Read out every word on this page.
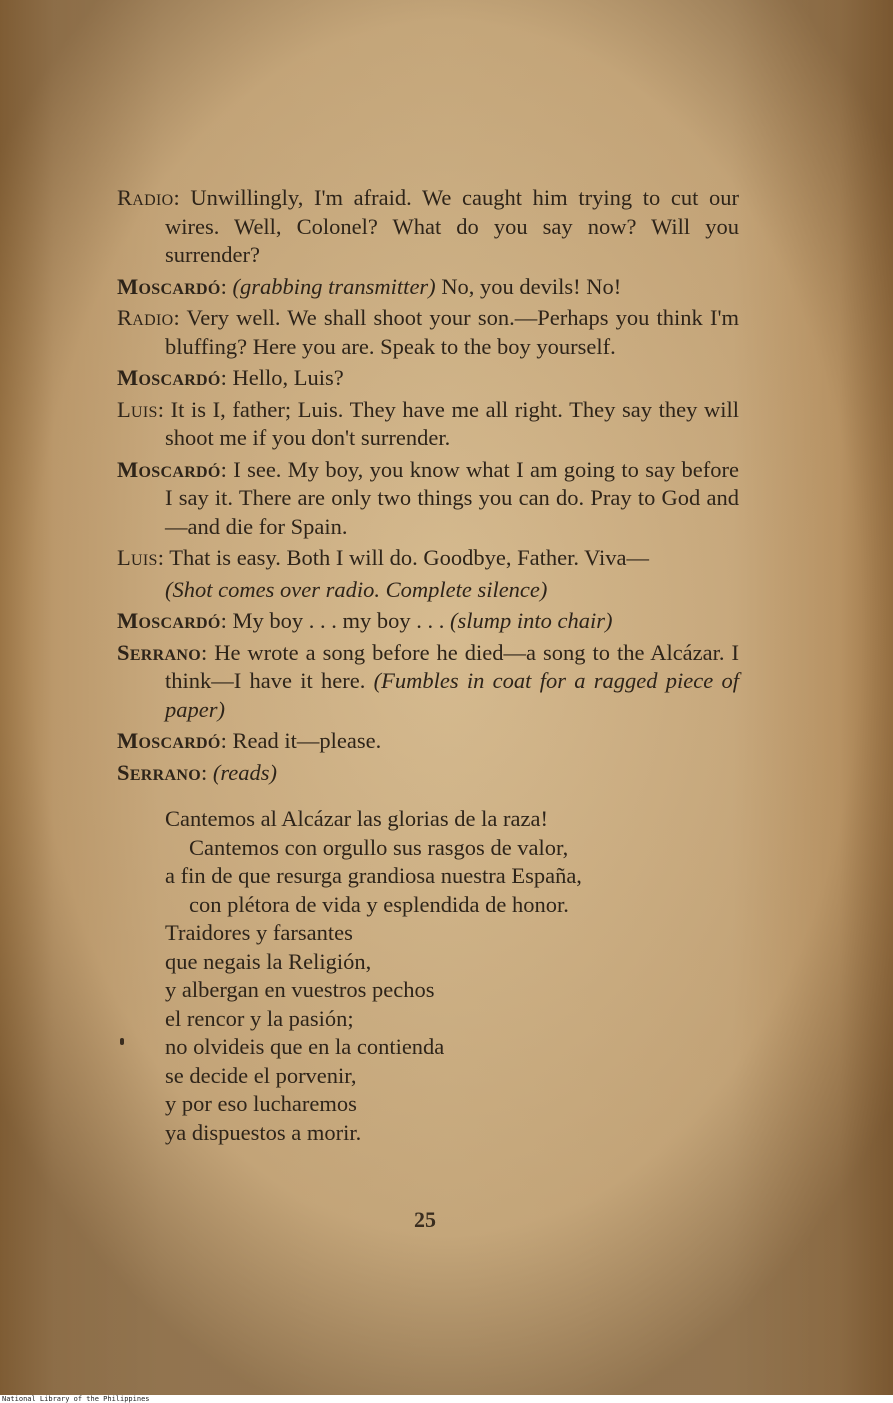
Radio: Unwillingly, I'm afraid. We caught him trying to cut our wires. Well, Colonel? What do you say now? Will you surrender?

Moscardó: (grabbing transmitter) No, you devils! No!

Radio: Very well. We shall shoot your son.—Perhaps you think I'm bluffing? Here you are. Speak to the boy yourself.

Moscardó: Hello, Luis?

Luis: It is I, father; Luis. They have me all right. They say they will shoot me if you don't surrender.

Moscardó: I see. My boy, you know what I am going to say before I say it. There are only two things you can do. Pray to God and—and die for Spain.

Luis: That is easy. Both I will do. Goodbye, Father. Viva—

(Shot comes over radio. Complete silence)

Moscardó: My boy . . . my boy . . . (slump into chair)

Serrano: He wrote a song before he died—a song to the Alcázar. I think—I have it here. (Fumbles in coat for a ragged piece of paper)

Moscardó: Read it—please.

Serrano: (reads)

Cantemos al Alcázar las glorias de la raza!
Cantemos con orgullo sus rasgos de valor,
a fin de que resurga grandiosa nuestra España,
con plétora de vida y esplendida de honor.
Traidores y farsantes
que negais la Religión,
y albergan en vuestros pechos
el rencor y la pasión;
no olvideis que en la contienda
se decide el porvenir,
y por eso lucharemos
ya dispuestos a morir.
25
National Library of the Philippines
